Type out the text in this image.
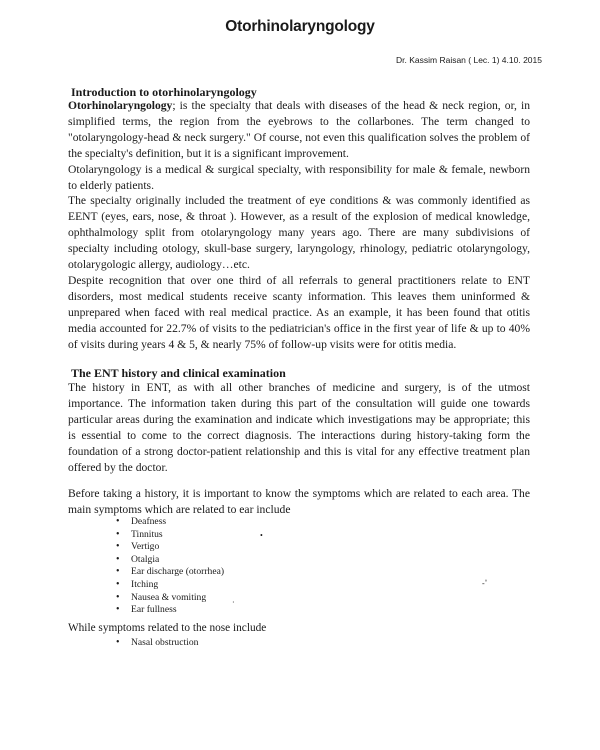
Otorhinolaryngology
Dr. Kassim Raisan ( Lec. 1) 4.10. 2015
Introduction to otorhinolaryngology

Otorhinolaryngology; is the specialty that deals with diseases of the head & neck region, or, in simplified terms, the region from the eyebrows to the collarbones. The term changed to "otolaryngology-head & neck surgery." Of course, not even this qualification solves the problem of the specialty's definition, but it is a significant improvement.

Otolaryngology is a medical & surgical specialty, with responsibility for male & female, newborn to elderly patients.

The specialty originally included the treatment of eye conditions & was commonly identified as EENT (eyes, ears, nose, & throat ). However, as a result of the explosion of medical knowledge, ophthalmology split from otolaryngology many years ago. There are many subdivisions of specialty including otology, skull-base surgery, laryngology, rhinology, pediatric otolaryngology, otolarygologic allergy, audiology…etc.

Despite recognition that over one third of all referrals to general practitioners relate to ENT disorders, most medical students receive scanty information. This leaves them uninformed & unprepared when faced with real medical practice. As an example, it has been found that otitis media accounted for 22.7% of visits to the pediatrician's office in the first year of life & up to 40% of visits during years 4 & 5, & nearly 75% of follow-up visits were for otitis media.

The ENT history and clinical examination

The history in ENT, as with all other branches of medicine and surgery, is of the utmost importance. The information taken during this part of the consultation will guide one towards particular areas during the examination and indicate which investigations may be appropriate; this is essential to come to the correct diagnosis. The interactions during history-taking form the foundation of a strong doctor-patient relationship and this is vital for any effective treatment plan offered by the doctor.

Before taking a history, it is important to know the symptoms which are related to each area. The main symptoms which are related to ear include

• Deafness
• Tinnitus
• Vertigo
• Otalgia
• Ear discharge (otorrhea)
• Itching
• Nausea & vomiting
• Ear fullness

While symptoms related to the nose include

• Nasal obstruction
•
·
-˚
